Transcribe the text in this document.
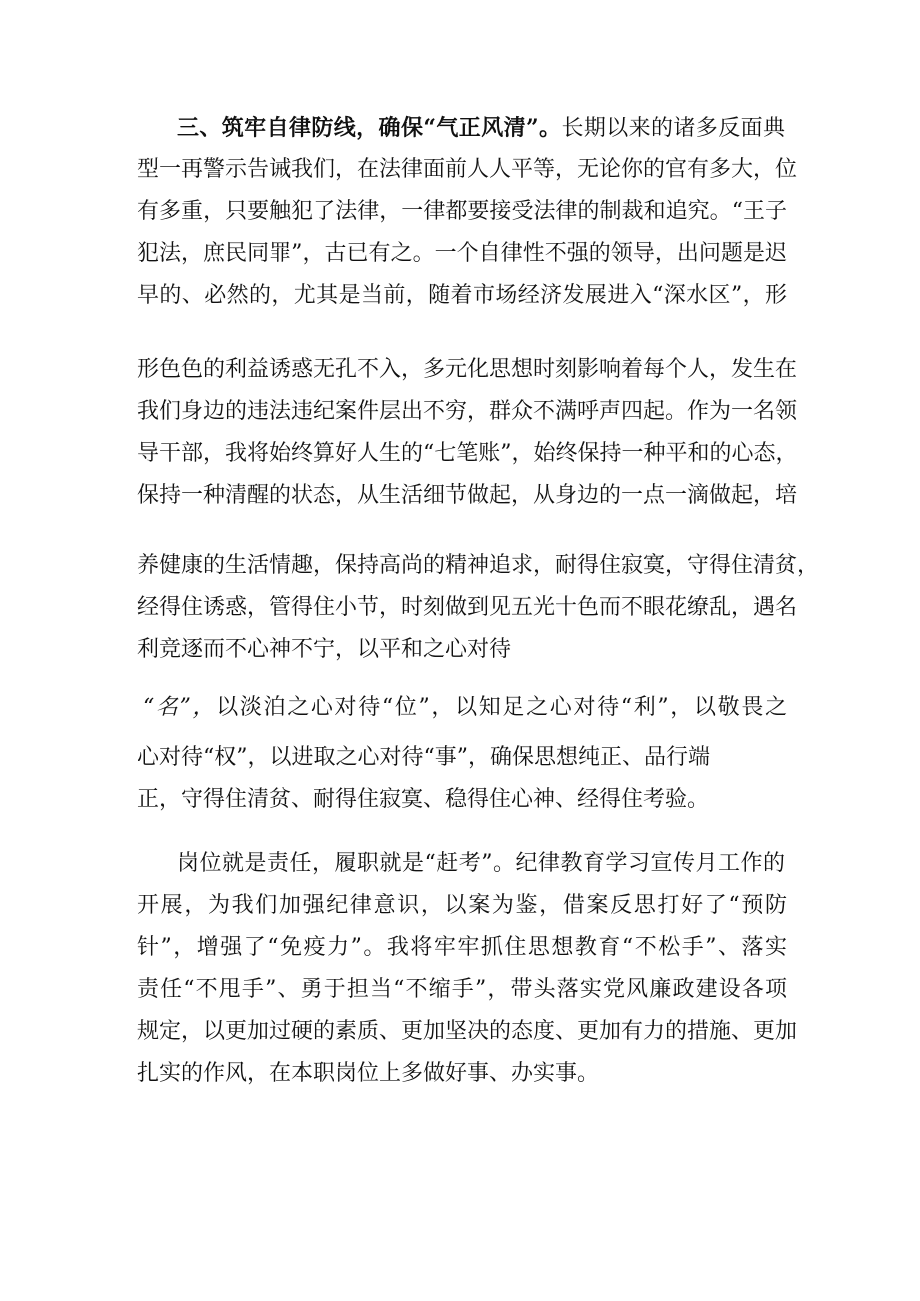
三、筑牢自律防线，确保“气正风清”。长期以来的诸多反面典
型一再警示告诫我们，在法律面前人人平等，无论你的官有多大，位
有多重，只要触犯了法律，一律都要接受法律的制裁和追究。“王子
犯法，庶民同罪”，古已有之。一个自律性不强的领导，出问题是迟
早的、必然的，尤其是当前，随着市场经济发展进入“深水区”，形
形色色的利益诱惑无孔不入，多元化思想时刻影响着每个人，发生在
我们身边的违法违纪案件层出不穷，群众不满呼声四起。作为一名领
导干部，我将始终算好人生的“七笔账”，始终保持一种平和的心态，
保持一种清醒的状态，从生活细节做起，从身边的一点一滴做起，培
养健康的生活情趣，保持高尚的精神追求，耐得住寂寞，守得住清贫，
经得住诱惑，管得住小节，时刻做到见五光十色而不眼花缭乱，遇名
利竞逐而不心神不宁，以平和之心对待
“名”，以淡泊之心对待“位”，以知足之心对待“利”，以敬畏之
心对待“权”，以进取之心对待“事”，确保思想纯正、品行端
正，守得住清贫、耐得住寂寞、稳得住心神、经得住考验。
岗位就是责任，履职就是“赶考”。纪律教育学习宣传月工作的
开展，为我们加强纪律意识，以案为鉴，借案反思打好了“预防
针”，增强了“免疫力”。我将牢牢抓住思想教育“不松手”、落实
责任“不甩手”、勇于担当“不缩手”，带头落实党风廉政建设各项
规定，以更加过硬的素质、更加坚决的态度、更加有力的措施、更加
扎实的作风，在本职岗位上多做好事、办实事。
